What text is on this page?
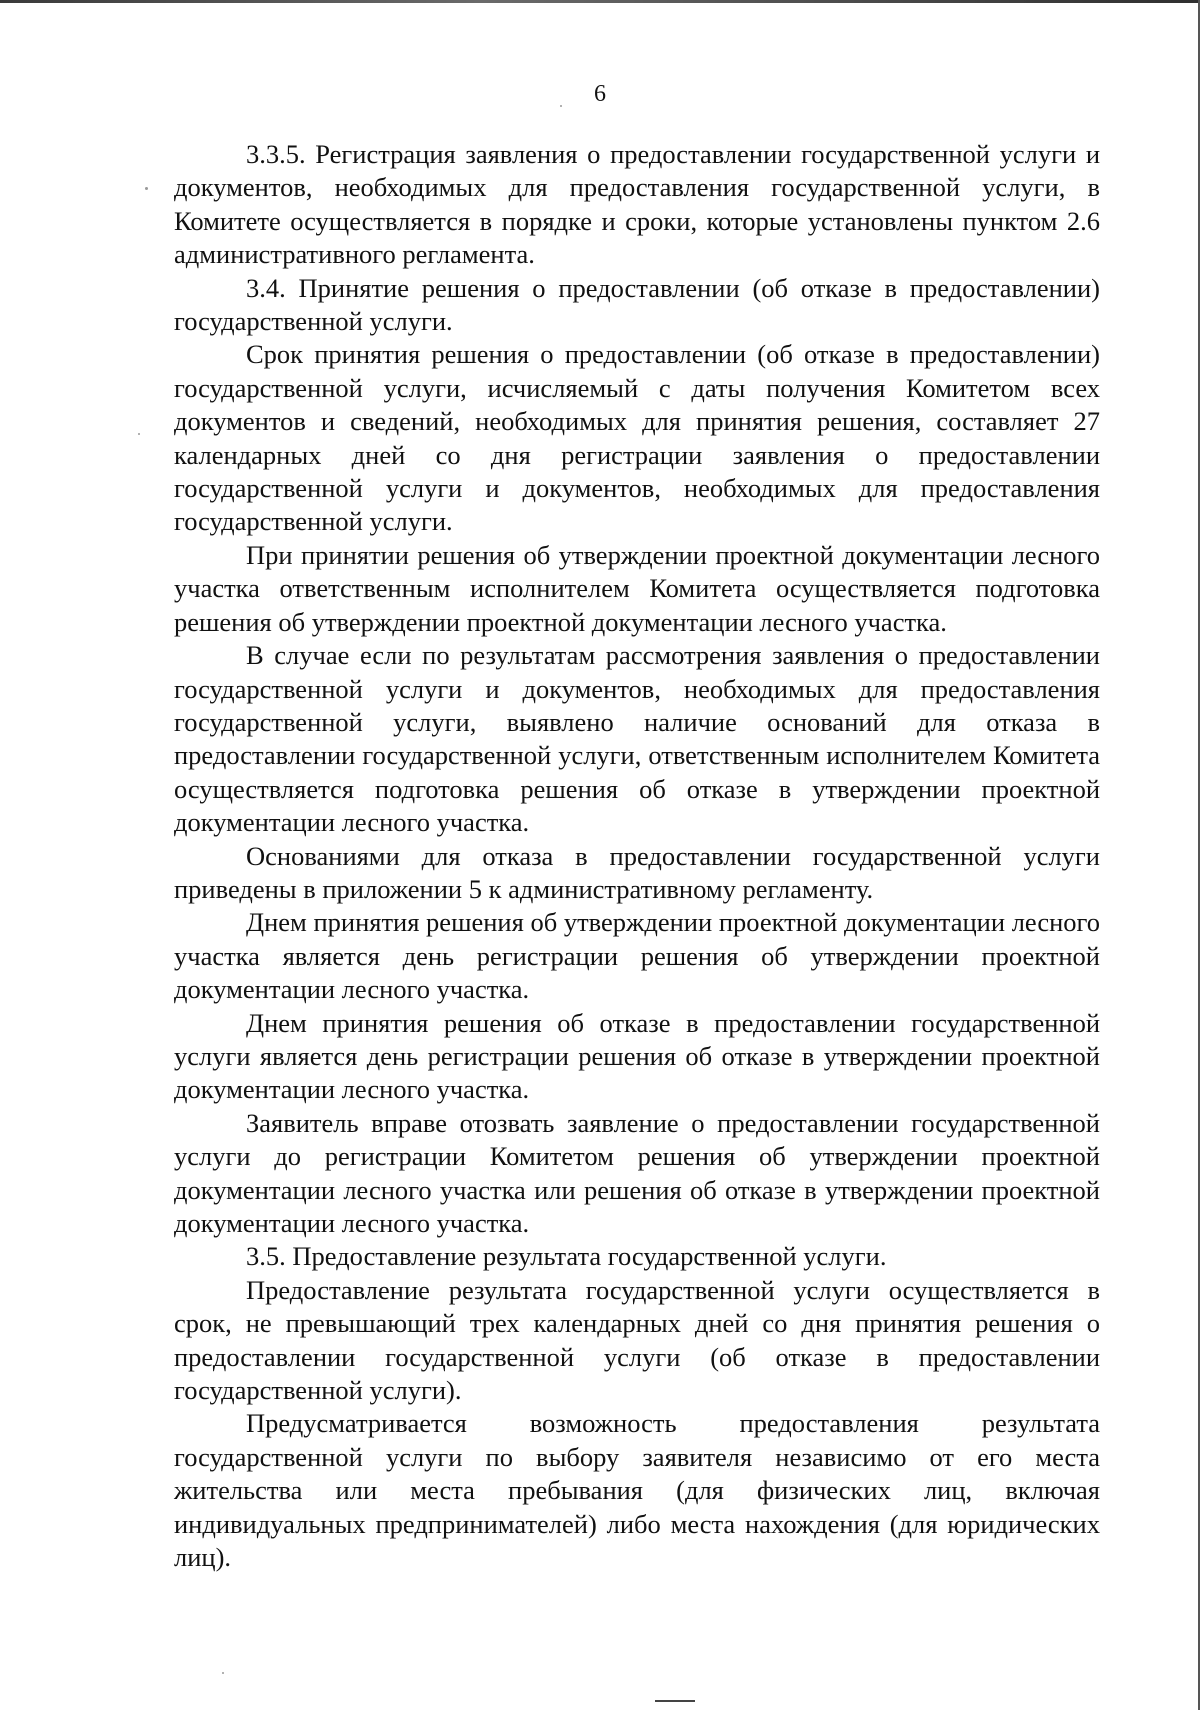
6

3.3.5. Регистрация заявления о предоставлении государственной услуги и документов, необходимых для предоставления государственной услуги, в Комитете осуществляется в порядке и сроки, которые установлены пунктом 2.6 административного регламента.

3.4. Принятие решения о предоставлении (об отказе в предоставлении) государственной услуги.

Срок принятия решения о предоставлении (об отказе в предоставлении) государственной услуги, исчисляемый с даты получения Комитетом всех документов и сведений, необходимых для принятия решения, составляет 27 календарных дней со дня регистрации заявления о предоставлении государственной услуги и документов, необходимых для предоставления государственной услуги.

При принятии решения об утверждении проектной документации лесного участка ответственным исполнителем Комитета осуществляется подготовка решения об утверждении проектной документации лесного участка.

В случае если по результатам рассмотрения заявления о предоставлении государственной услуги и документов, необходимых для предоставления государственной услуги, выявлено наличие оснований для отказа в предоставлении государственной услуги, ответственным исполнителем Комитета осуществляется подготовка решения об отказе в утверждении проектной документации лесного участка.

Основаниями для отказа в предоставлении государственной услуги приведены в приложении 5 к административному регламенту.

Днем принятия решения об утверждении проектной документации лесного участка является день регистрации решения об утверждении проектной документации лесного участка.

Днем принятия решения об отказе в предоставлении государственной услуги является день регистрации решения об отказе в утверждении проектной документации лесного участка.

Заявитель вправе отозвать заявление о предоставлении государственной услуги до регистрации Комитетом решения об утверждении проектной документации лесного участка или решения об отказе в утверждении проектной документации лесного участка.

3.5. Предоставление результата государственной услуги.

Предоставление результата государственной услуги осуществляется в срок, не превышающий трех календарных дней со дня принятия решения о предоставлении государственной услуги (об отказе в предоставлении государственной услуги).

Предусматривается возможность предоставления результата государственной услуги по выбору заявителя независимо от его места жительства или места пребывания (для физических лиц, включая индивидуальных предпринимателей) либо места нахождения (для юридических лиц).
